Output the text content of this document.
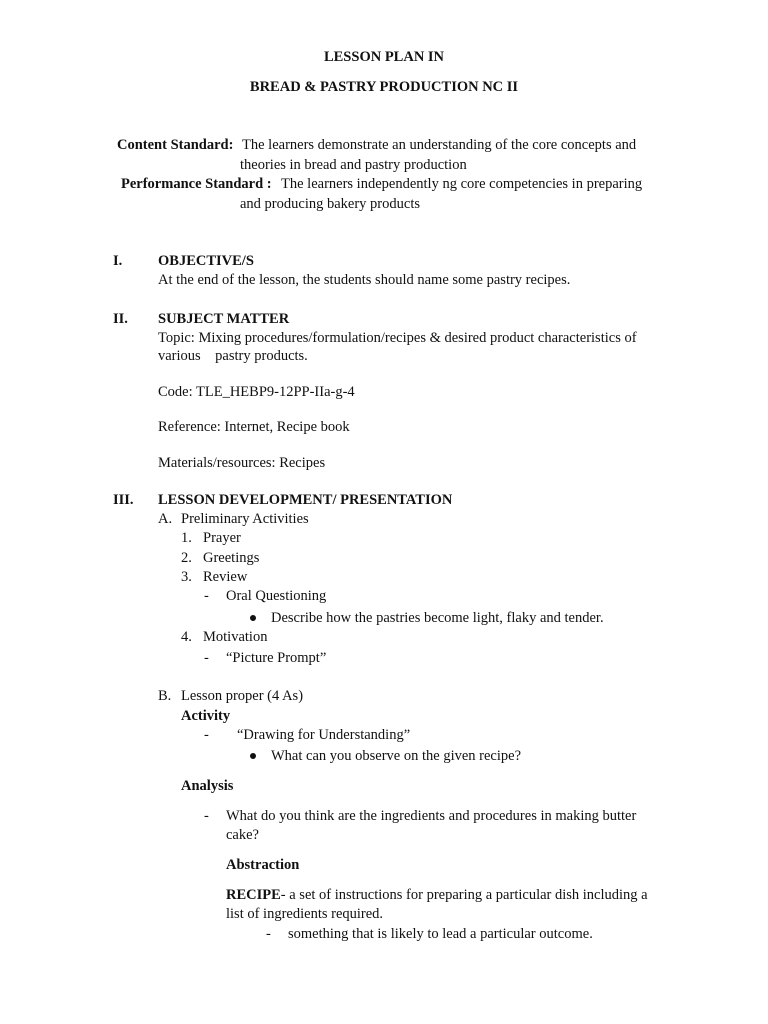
LESSON PLAN IN
BREAD & PASTRY PRODUCTION NC II
Content Standard: The learners demonstrate an understanding of the core concepts and
theories in bread and pastry production
Performance Standard : The learners independently ng core competencies in preparing
and producing bakery products
I. OBJECTIVE/S
At the end of the lesson, the students should name some pastry recipes.
II. SUBJECT MATTER
Topic: Mixing procedures/formulation/recipes & desired product characteristics of
various    pastry products.
Code: TLE_HEBP9-12PP-IIa-g-4
Reference: Internet, Recipe book
Materials/resources: Recipes
III. LESSON DEVELOPMENT/ PRESENTATION
A. Preliminary Activities
1. Prayer
2. Greetings
3. Review
- Oral Questioning
Describe how the pastries become light, flaky and tender.
4. Motivation
- “Picture Prompt”
B. Lesson proper (4 As)
Activity
- “Drawing for Understanding”
What can you observe on the given recipe?
Analysis
- What do you think are the ingredients and procedures in making butter
cake?
Abstraction
RECIPE- a set of instructions for preparing a particular dish including a
list of ingredients required.
- something that is likely to lead a particular outcome.
